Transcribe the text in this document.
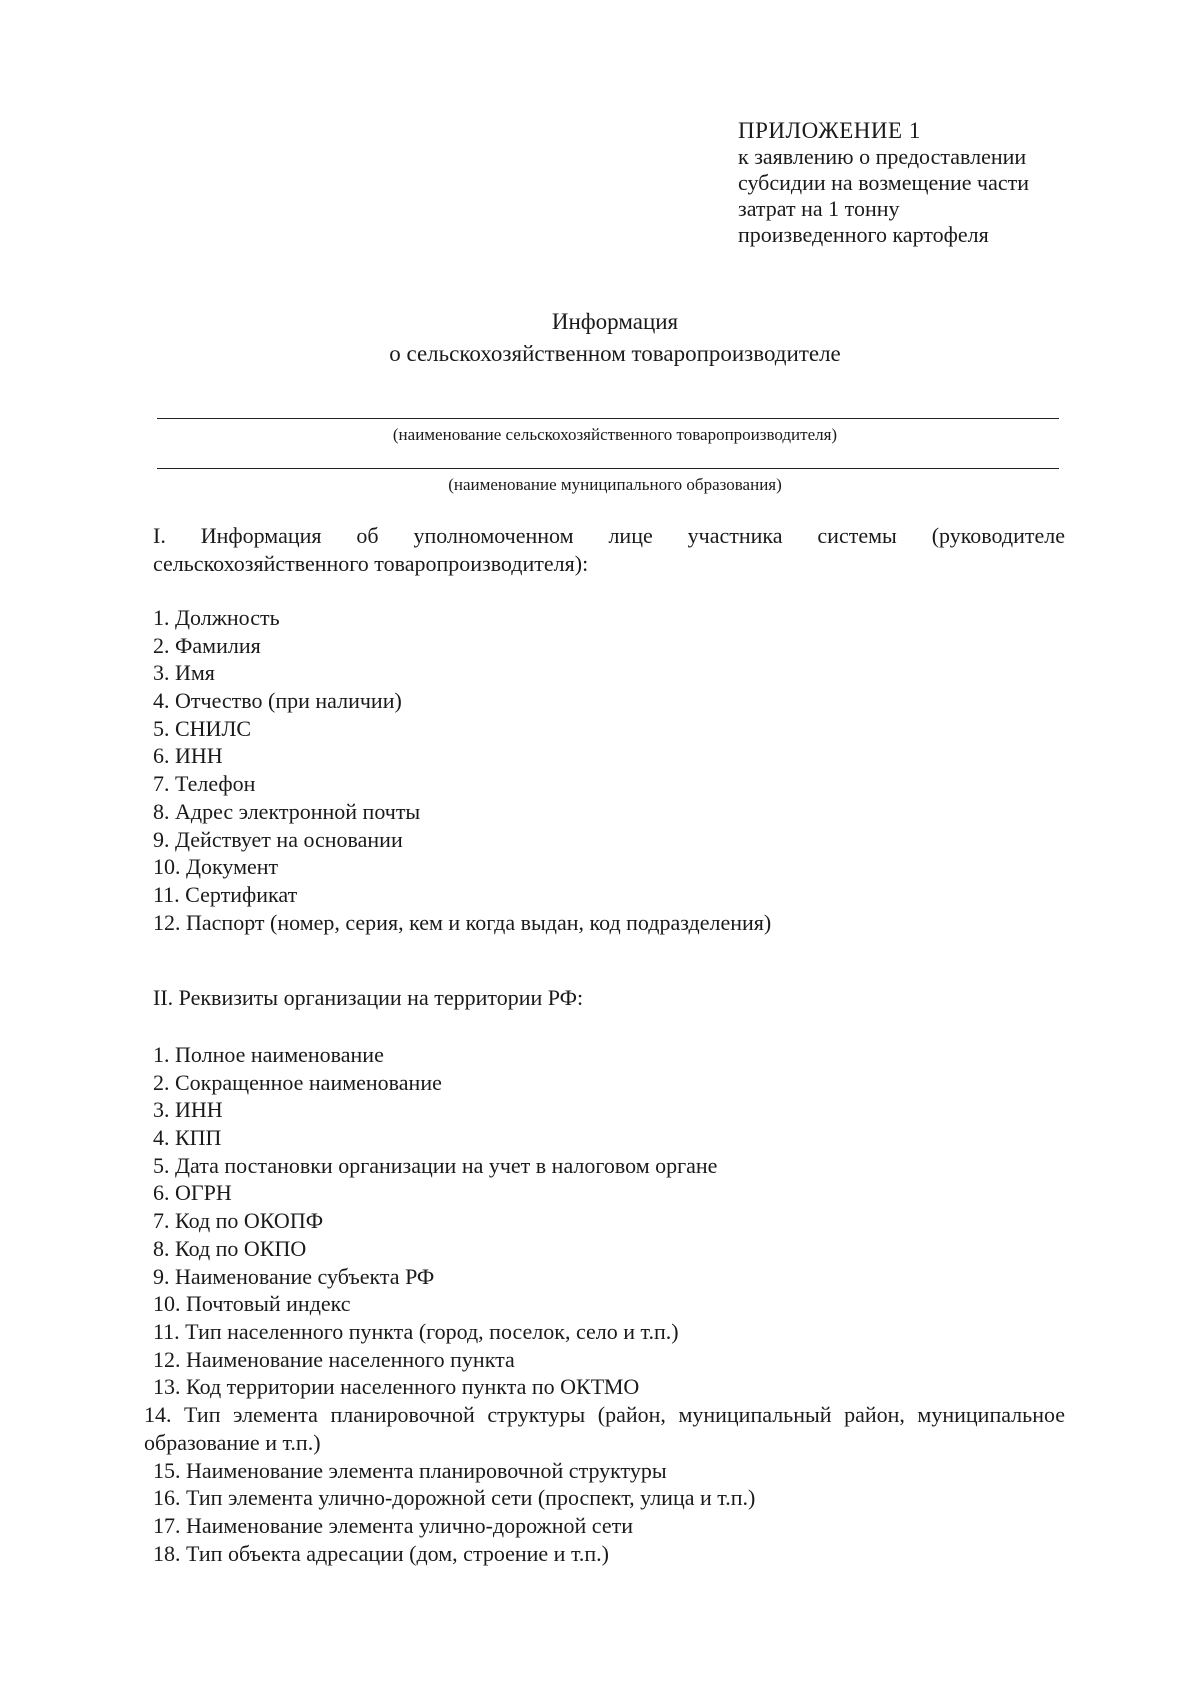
ПРИЛОЖЕНИЕ 1
к заявлению о предоставлении
субсидии на возмещение части
затрат на 1 тонну
произведенного картофеля
Информация
о сельскохозяйственном товаропроизводителе
(наименование сельскохозяйственного товаропроизводителя)
(наименование муниципального образования)
I. Информация об уполномоченном лице участника системы (руководителе сельскохозяйственного товаропроизводителя):
1. Должность
2. Фамилия
3. Имя
4. Отчество (при наличии)
5. СНИЛС
6. ИНН
7. Телефон
8. Адрес электронной почты
9. Действует на основании
10. Документ
11. Сертификат
12. Паспорт (номер, серия, кем и когда выдан, код подразделения)
II. Реквизиты организации на территории РФ:
1. Полное наименование
2. Сокращенное наименование
3. ИНН
4. КПП
5. Дата постановки организации на учет в налоговом органе
6. ОГРН
7. Код по ОКОПФ
8. Код по ОКПО
9. Наименование субъекта РФ
10. Почтовый индекс
11. Тип населенного пункта (город, поселок, село и т.п.)
12. Наименование населенного пункта
13. Код территории населенного пункта по ОКТМО
14. Тип элемента планировочной структуры (район, муниципальный район, муниципальное образование и т.п.)
15. Наименование элемента планировочной структуры
16. Тип элемента улично-дорожной сети (проспект, улица и т.п.)
17. Наименование элемента улично-дорожной сети
18. Тип объекта адресации (дом, строение и т.п.)
